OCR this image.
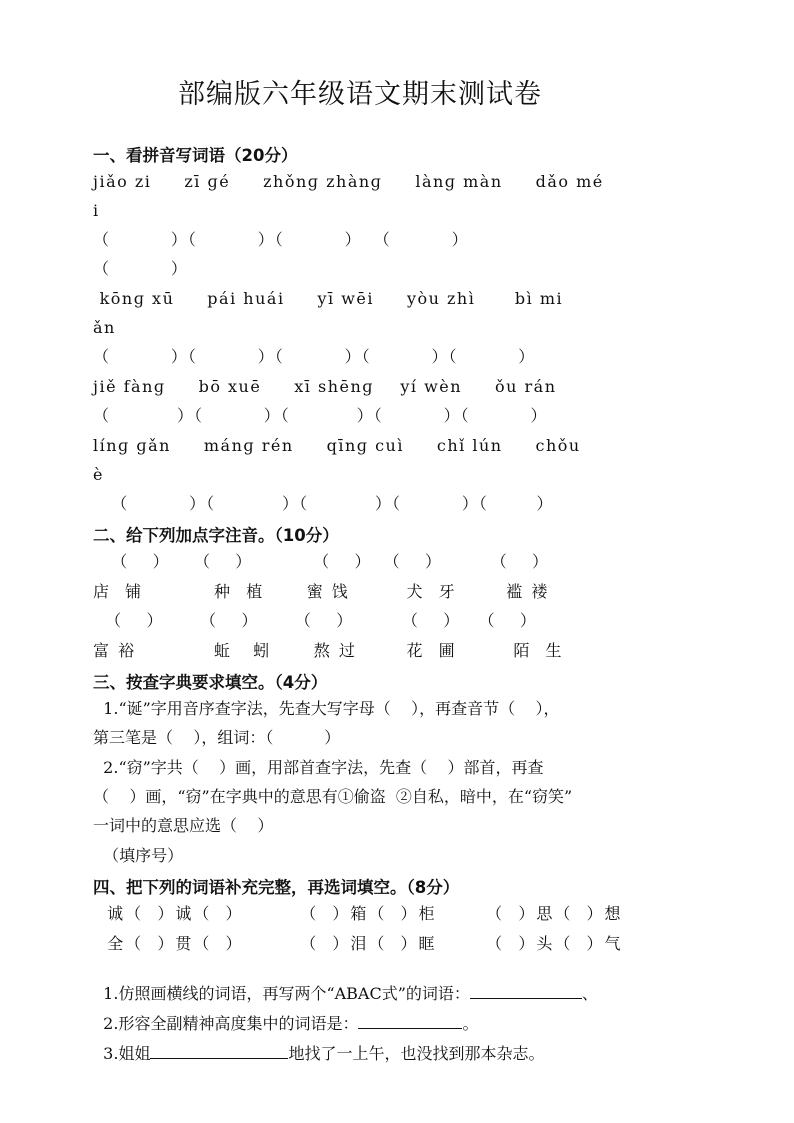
部编版六年级语文期末测试卷
一、看拼音写词语（20分）
jiǎo zi     zī ɡé     zhǒnɡ zhànɡ     lànɡ màn     dǎo mé
i
（          ）（          ）（          ）  （          ）
（          ）
kōnɡ xū     pái huái     yī wēi     yòu zhì      bì mi
ǎn
（          ）（          ）（          ）（          ）（          ）
jiě fànɡ     bō xuē     xī shēnɡ    yí wèn     ǒu rán
（           ）（          ）（           ）（          ）（          ）
línɡ ɡǎn     mánɡ rén     qīnɡ cuì     chǐ lún     chǒu
è
（          ）（           ）（           ）（          ）（        ）
二、给下列加点字注音。（10分）
（    ）    （    ）          （    ）  （    ）        （    ）
店  铺          种  植      蜜 饯        犬  牙       褴 褛
（    ）      （    ）      （    ）        （    ）   （    ）
富 裕           蚯   蚓      熬 过       花  圃        陌  生
三、按查字典要求填空。（4分）
1.“诞”字用音序查字法，先查大写字母（    ），再查音节（    ），
第三笔是（    ），组词：（          ）
2.“窃”字共（    ）画，用部首查字法，先查（    ）部首，再查
（    ）画，“窃”在字典中的意思有①偷盗  ②自私，暗中，在“窃笑”
一词中的意思应选（    ）
（填序号）
四、把下列的词语补充完整，再选词填空。（8分）
诚（  ）诚（  ）        （  ）箱（  ）柜       （  ）思（  ）想
全（  ）贯（  ）        （  ）泪（  ）眶       （  ）头（  ）气

1.仿照画横线的词语，再写两个“ABAC式”的词语：	、

2.形容全副精神高度集中的词语是：	。

3.姐姐	地找了一上午，也没找到那本杂志。
